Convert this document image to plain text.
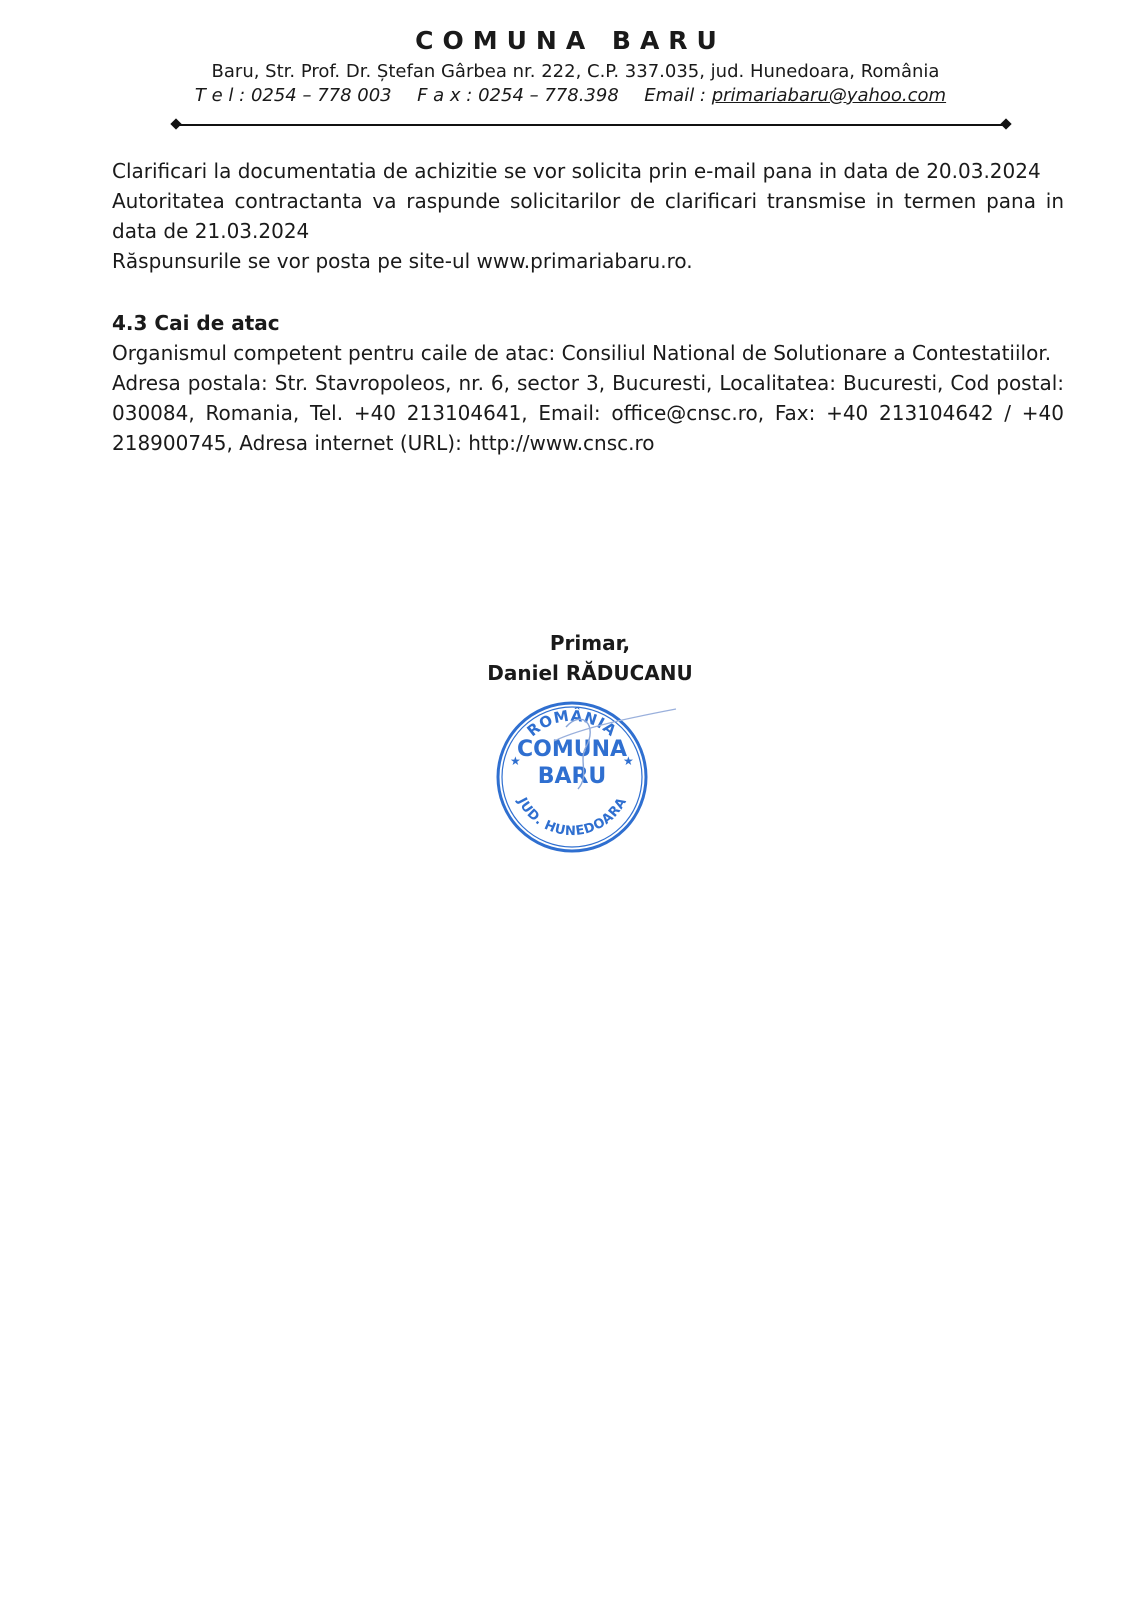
COMUNA BARU
Baru, Str. Prof. Dr. Ștefan Gârbea nr. 222, C.P. 337.035, jud. Hunedoara, România
T e l : 0254 – 778 003 F a x : 0254 – 778.398 Email : primariabaru@yahoo.com

Clarificari la documentatia de achizitie se vor solicita prin e-mail pana in data de 20.03.2024

Autoritatea contractanta va raspunde solicitarilor de clarificari transmise in termen pana in data de 21.03.2024

Răspunsurile se vor posta pe site-ul www.primariabaru.ro.

4.3 Cai de atac

Organismul competent pentru caile de atac: Consiliul National de Solutionare a Contestatiilor.

Adresa postala: Str. Stavropoleos, nr. 6, sector 3, Bucuresti, Localitatea: Bucuresti, Cod postal: 030084, Romania, Tel. +40 213104641, Email: office@cnsc.ro, Fax: +40 213104642 / +40 218900745, Adresa internet (URL): http://www.cnsc.ro

Primar,
Daniel RĂDUCANU
ROMÂNIA
JUD. HUNEDOARA
COMUNA
BARU
★	★
